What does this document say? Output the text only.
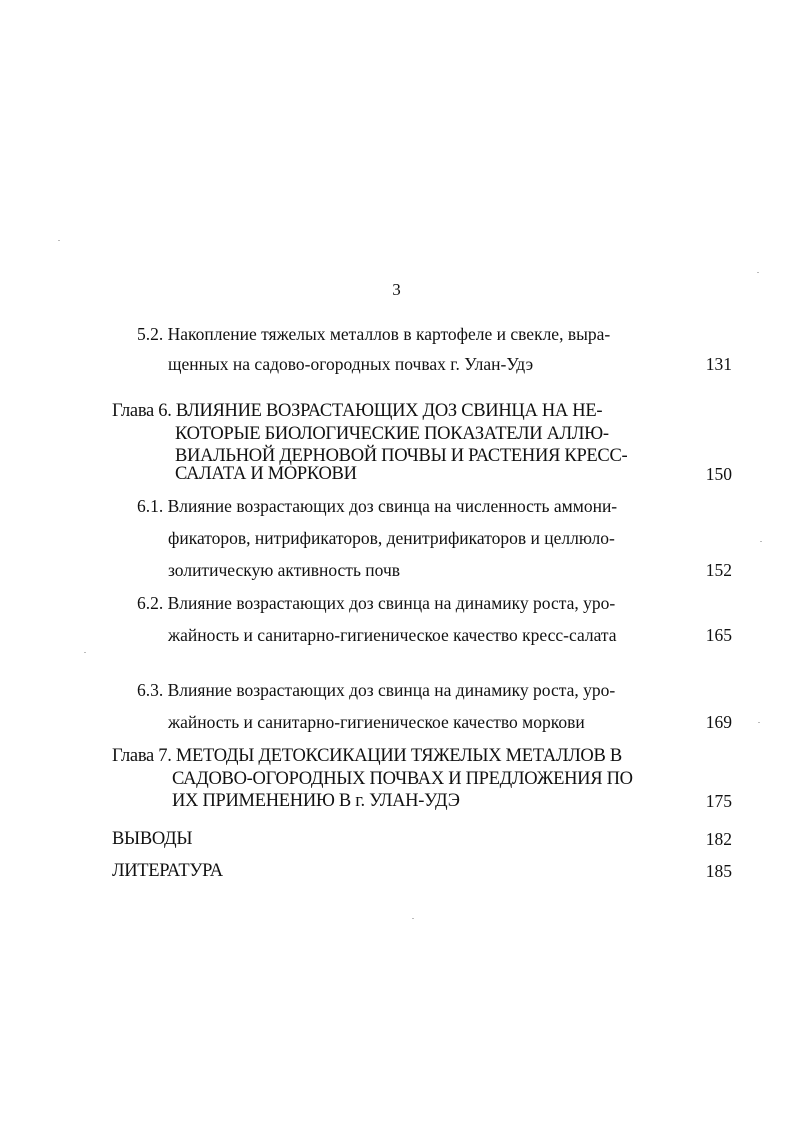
3
5.2. Накопление тяжелых металлов в картофеле и свекле, выра-
щенных на садово-огородных почвах г. Улан-Удэ	131
Глава 6. ВЛИЯНИЕ ВОЗРАСТАЮЩИХ ДОЗ СВИНЦА НА НЕ-
КОТОРЫЕ БИОЛОГИЧЕСКИЕ ПОКАЗАТЕЛИ АЛЛЮ-
ВИАЛЬНОЙ ДЕРНОВОЙ ПОЧВЫ И РАСТЕНИЯ КРЕСС-
САЛАТА И МОРКОВИ	150
6.1. Влияние возрастающих доз свинца на численность аммони-
фикаторов, нитрификаторов, денитрификаторов и целлюло-
золитическую активность почв	152
6.2. Влияние возрастающих доз свинца на динамику роста, уро-
жайность и санитарно-гигиеническое качество кресс-салата	165
6.3. Влияние возрастающих доз свинца на динамику роста, уро-
жайность и санитарно-гигиеническое качество моркови	169
Глава 7. МЕТОДЫ ДЕТОКСИКАЦИИ ТЯЖЕЛЫХ МЕТАЛЛОВ В
САДОВО-ОГОРОДНЫХ ПОЧВАХ И ПРЕДЛОЖЕНИЯ ПО
ИХ ПРИМЕНЕНИЮ В г. УЛАН-УДЭ	175
ВЫВОДЫ	182
ЛИТЕРАТУРА	185
